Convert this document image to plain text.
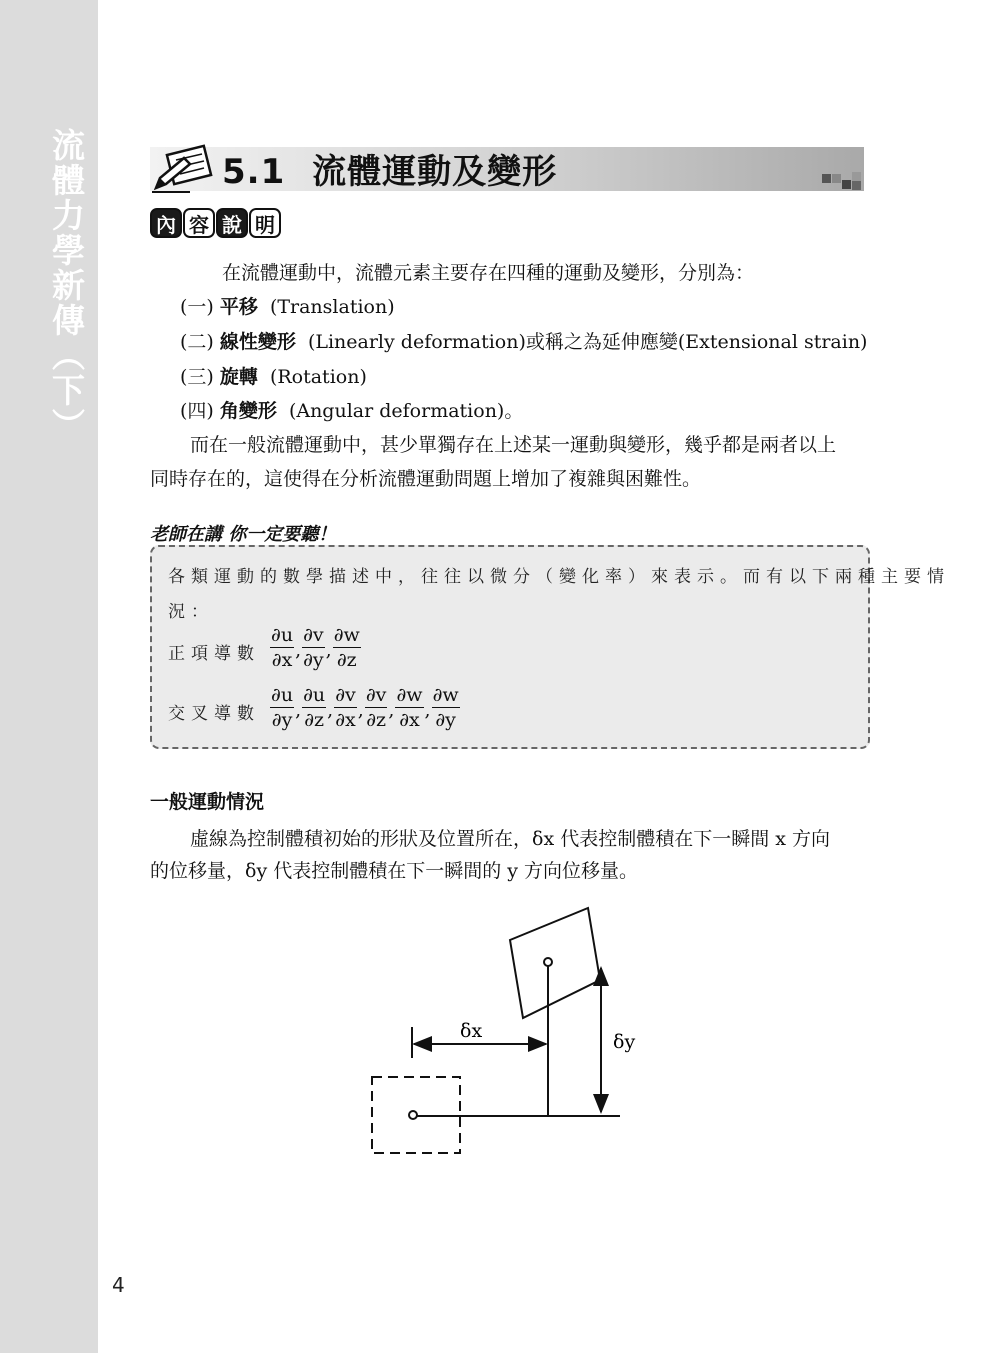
流體力學新傳（下）	5.1 流體運動及變形
內 容 說 明
在流體運動中，流體元素主要存在四種的運動及變形，分別為：
(一) 平移 (Translation)
(二) 線性變形 (Linearly deformation)或稱之為延伸應變(Extensional strain)
(三) 旋轉 (Rotation)
(四) 角變形 (Angular deformation)。
而在一般流體運動中，甚少單獨存在上述某一運動與變形，幾乎都是兩者以上
同時存在的，這使得在分析流體運動問題上增加了複雜與困難性。
老師在講 你一定要聽！
各類運動的數學描述中，往往以微分（變化率）來表示。而有以下兩種主要情
況：
正項導數 $\frac{\partial u}{\partial x}$ , $\frac{\partial v}{\partial y}$ , $\frac{\partial w}{\partial z}$
交叉導數 $\frac{\partial u}{\partial y}$ , $\frac{\partial u}{\partial z}$ , $\frac{\partial v}{\partial x}$ , $\frac{\partial v}{\partial z}$ , $\frac{\partial w}{\partial x}$ , $\frac{\partial w}{\partial y}$
一般運動情況
虛線為控制體積初始的形狀及位置所在，δx 代表控制體積在下一瞬間 x 方向
的位移量，δy 代表控制體積在下一瞬間的 y 方向位移量。
δx	δy
4
